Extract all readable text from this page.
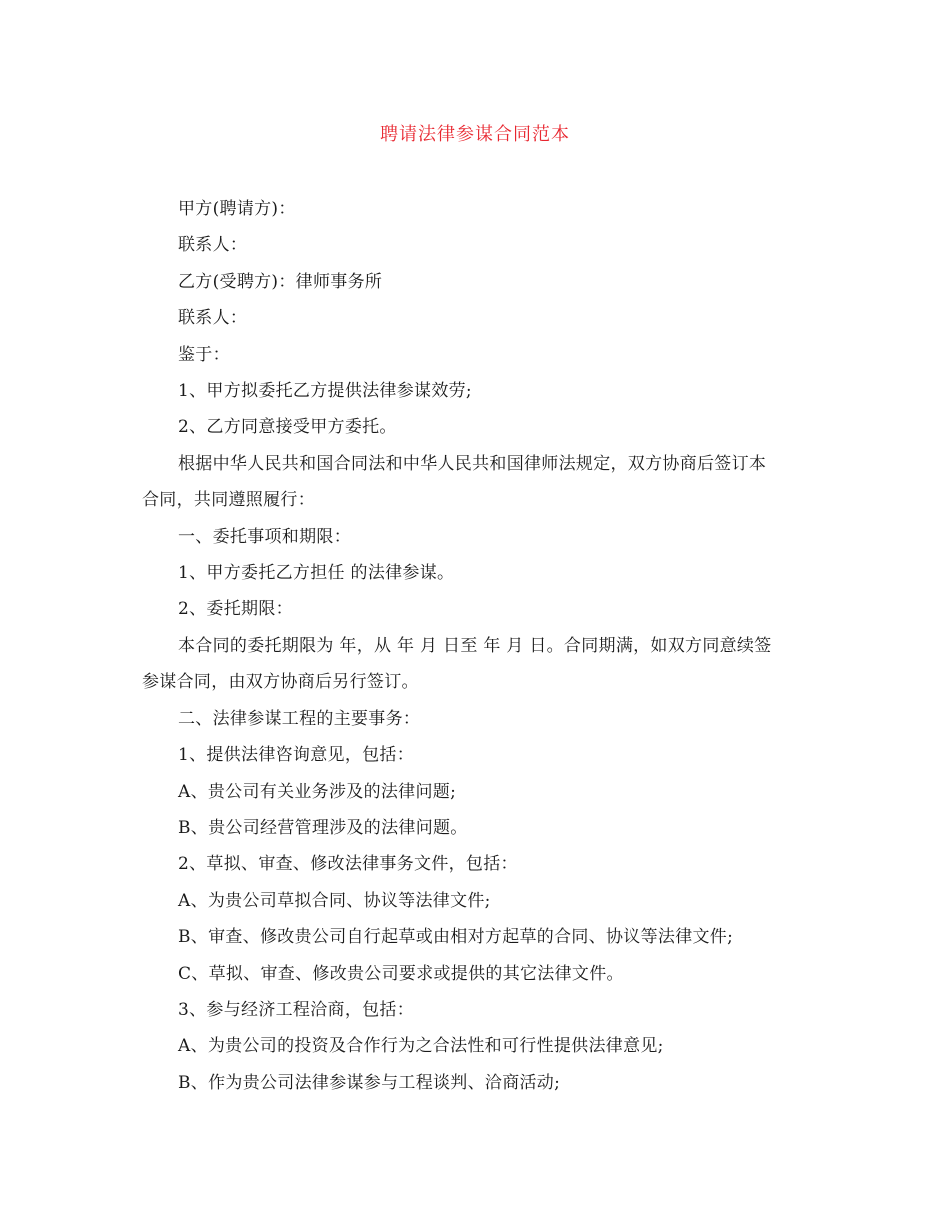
聘请法律参谋合同范本

甲方(聘请方)：

联系人：

乙方(受聘方)：律师事务所

联系人：

鉴于：

1、甲方拟委托乙方提供法律参谋效劳;

2、乙方同意接受甲方委托。

根据中华人民共和国合同法和中华人民共和国律师法规定，双方协商后签订本

合同，共同遵照履行：

一、委托事项和期限：

1、甲方委托乙方担任 的法律参谋。

2、委托期限：

本合同的委托期限为 年，从 年 月 日至 年 月 日。合同期满，如双方同意续签

参谋合同，由双方协商后另行签订。

二、法律参谋工程的主要事务：

1、提供法律咨询意见，包括：

A、贵公司有关业务涉及的法律问题;

B、贵公司经营管理涉及的法律问题。

2、草拟、审查、修改法律事务文件，包括：

A、为贵公司草拟合同、协议等法律文件;

B、审查、修改贵公司自行起草或由相对方起草的合同、协议等法律文件;

C、草拟、审查、修改贵公司要求或提供的其它法律文件。

3、参与经济工程洽商，包括：

A、为贵公司的投资及合作行为之合法性和可行性提供法律意见;

B、作为贵公司法律参谋参与工程谈判、洽商活动;
